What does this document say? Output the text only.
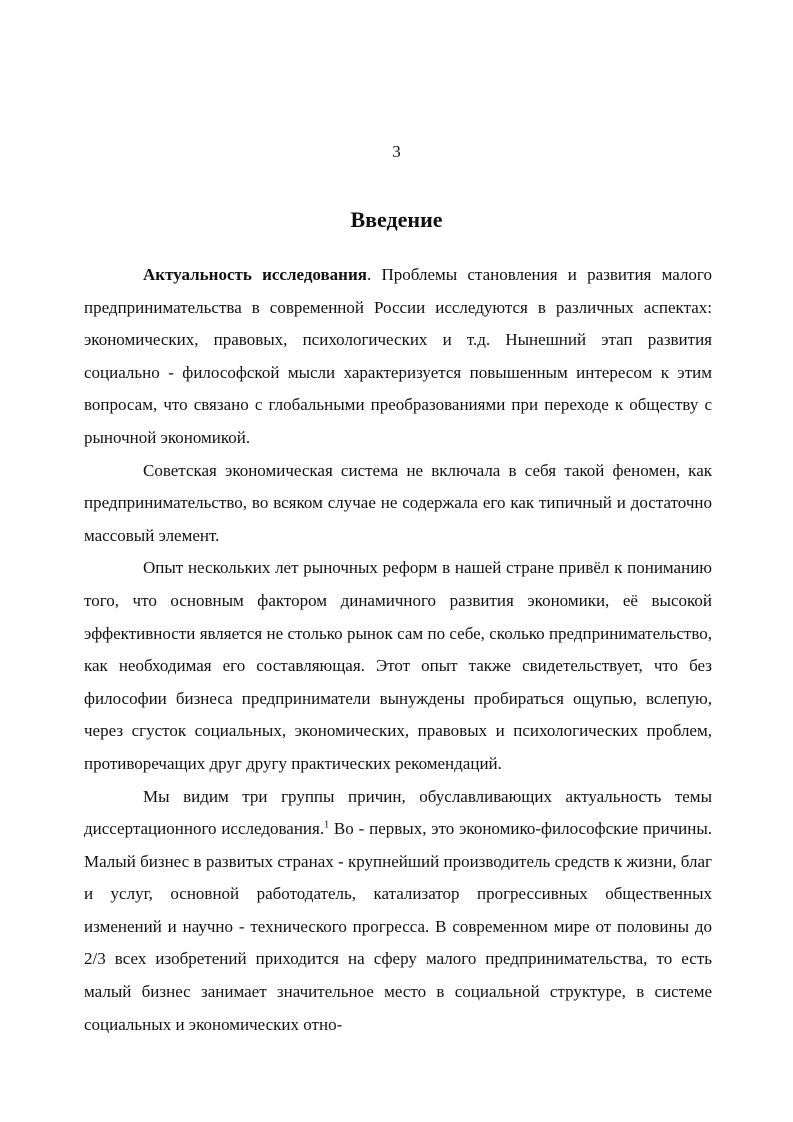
3
Введение

Актуальность исследования. Проблемы становления и развития малого предпринимательства в современной России исследуются в различных аспектах: экономических, правовых, психологических и т.д. Нынешний этап развития социально - философской мысли характеризуется повышенным интересом к этим вопросам, что связано с глобальными преобразованиями при переходе к обществу с рыночной экономикой.

Советская экономическая система не включала в себя такой феномен, как предпринимательство, во всяком случае не содержала его как типичный и достаточно массовый элемент.

Опыт нескольких лет рыночных реформ в нашей стране привёл к пониманию того, что основным фактором динамичного развития экономики, её высокой эффективности является не столько рынок сам по себе, сколько предпринимательство, как необходимая его составляющая. Этот опыт также свидетельствует, что без философии бизнеса предприниматели вынуждены пробираться ощупью, вслепую, через сгусток социальных, экономических, правовых и психологических проблем, противоречащих друг другу практических рекомендаций.

Мы видим три группы причин, обуславливающих актуальность темы диссертационного исследования.$^1$ Во - первых, это экономико-философские причины. Малый бизнес в развитых странах - крупнейший производитель средств к жизни, благ и услуг, основной работодатель, катализатор прогрессивных общественных изменений и научно - технического прогресса. В современном мире от половины до 2/3 всех изобретений приходится на сферу малого предпринимательства, то есть малый бизнес занимает значительное место в социальной структуре, в системе социальных и экономических отно-
